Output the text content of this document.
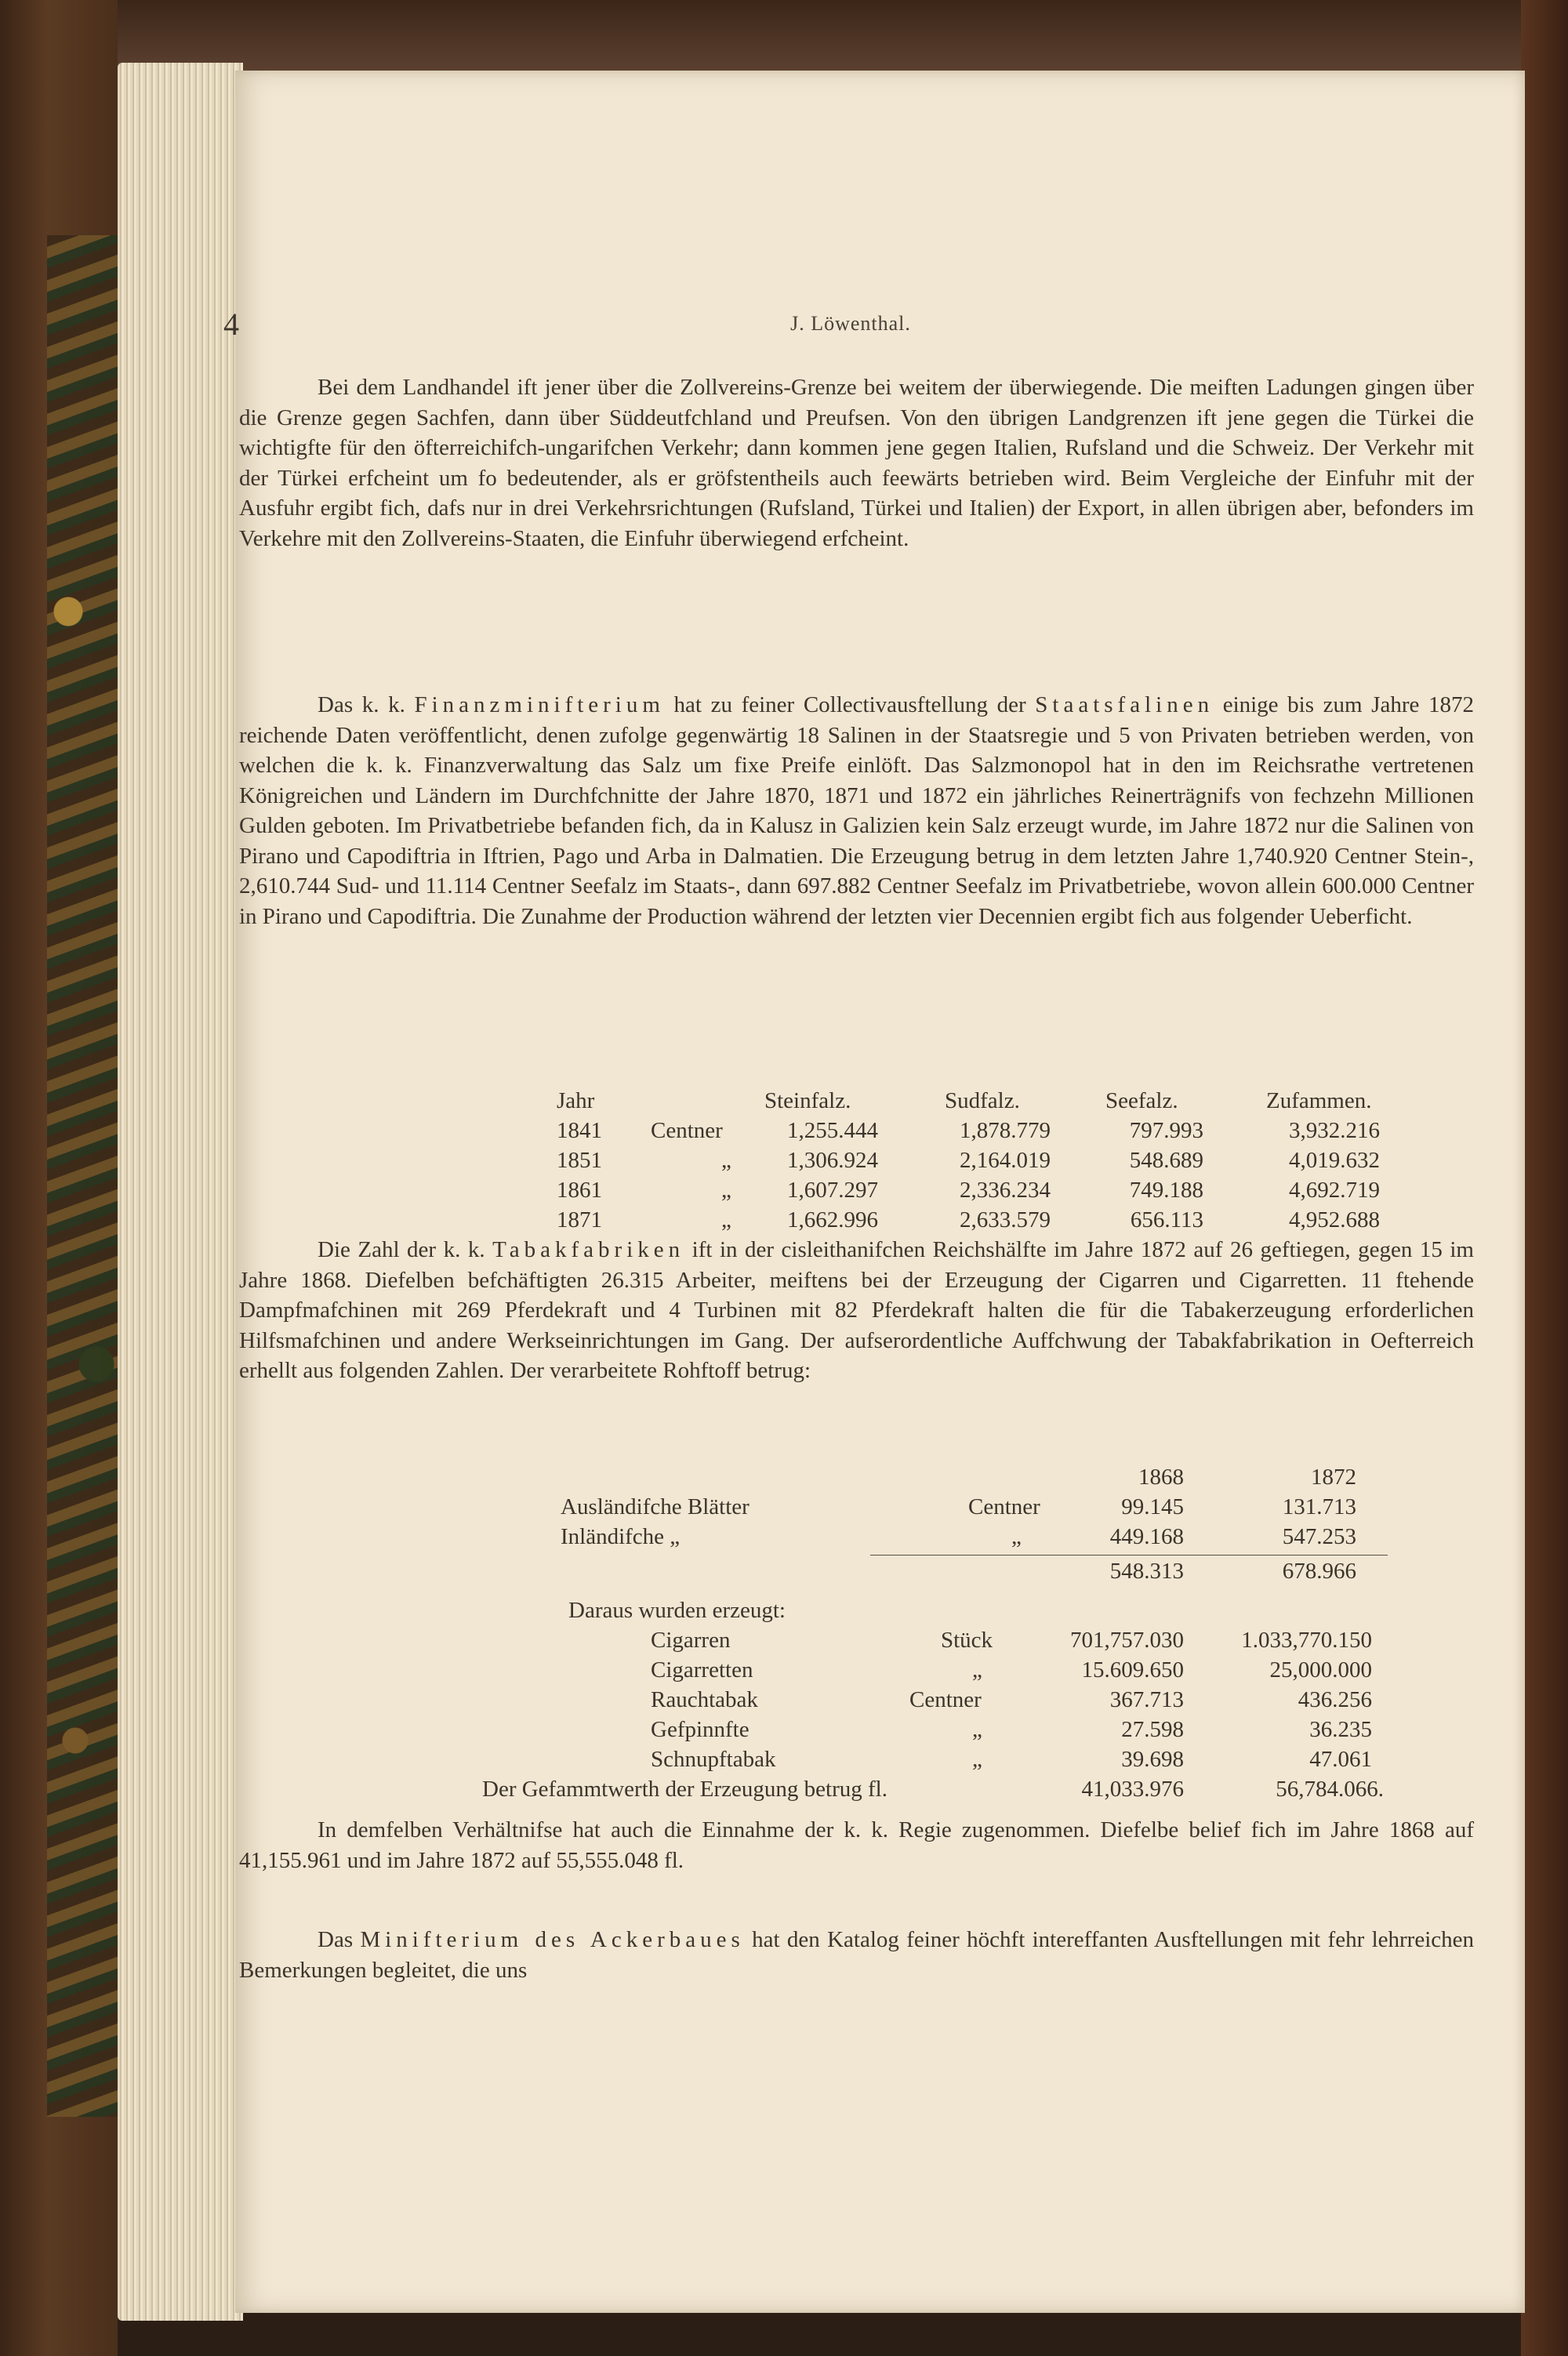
4	J. Löwenthal.

Bei dem Landhandel ift jener über die Zollvereins-Grenze bei weitem der überwiegende. Die meiften Ladungen gingen über die Grenze gegen Sachfen, dann über Süddeutfchland und Preufsen. Von den übrigen Landgrenzen ift jene gegen die Türkei die wichtigfte für den öfterreichifch-ungarifchen Verkehr; dann kommen jene gegen Italien, Rufsland und die Schweiz. Der Verkehr mit der Türkei erfcheint um fo bedeutender, als er gröfstentheils auch feewärts betrieben wird. Beim Vergleiche der Einfuhr mit der Ausfuhr ergibt fich, dafs nur in drei Verkehrsrichtungen (Rufsland, Türkei und Italien) der Export, in allen übrigen aber, befonders im Verkehre mit den Zollvereins-Staaten, die Einfuhr überwiegend erfcheint.

Das k. k. Finanzminifterium hat zu feiner Collectivausftellung der Staatsfalinen einige bis zum Jahre 1872 reichende Daten veröffentlicht, denen zufolge gegenwärtig 18 Salinen in der Staatsregie und 5 von Privaten betrieben werden, von welchen die k. k. Finanzverwaltung das Salz um fixe Preife einlöft. Das Salzmonopol hat in den im Reichsrathe vertretenen Königreichen und Ländern im Durchfchnitte der Jahre 1870, 1871 und 1872 ein jährliches Reinerträgnifs von fechzehn Millionen Gulden geboten. Im Privatbetriebe befanden fich, da in Kalusz in Galizien kein Salz erzeugt wurde, im Jahre 1872 nur die Salinen von Pirano und Capodiftria in Iftrien, Pago und Arba in Dalmatien. Die Erzeugung betrug in dem letzten Jahre 1,740.920 Centner Stein-, 2,610.744 Sud- und 11.114 Centner Seefalz im Staats-, dann 697.882 Centner Seefalz im Privatbetriebe, wovon allein 600.000 Centner in Pirano und Capodiftria. Die Zunahme der Production während der letzten vier Decennien ergibt fich aus folgender Ueberficht.

Jahr	Steinfalz.	Sudfalz.	Seefalz.	Zufammen.
1841 Centner	1,255.444	1,878.779	797.993	3,932.216
1851	„	1,306.924	2,164.019	548.689	4,019.632
1861	„	1,607.297	2,336.234	749.188	4,692.719
1871	„	1,662.996	2,633.579	656.113	4,952.688

Die Zahl der k. k. Tabakfabriken ift in der cisleithanifchen Reichshälfte im Jahre 1872 auf 26 geftiegen, gegen 15 im Jahre 1868. Diefelben befchäftigten 26.315 Arbeiter, meiftens bei der Erzeugung der Cigarren und Cigarretten. 11 ftehende Dampfmafchinen mit 269 Pferdekraft und 4 Turbinen mit 82 Pferdekraft halten die für die Tabakerzeugung erforderlichen Hilfsmafchinen und andere Werkseinrichtungen im Gang. Der aufserordentliche Auffchwung der Tabakfabrikation in Oefterreich erhellt aus folgenden Zahlen. Der verarbeitete Rohftoff betrug:

1868	1872
Ausländifche Blätter	Centner	99.145	131.713
Inländifche „	„	449.168	547.253
548.313	678.966
Daraus wurden erzeugt:
Cigarren	Stück	701,757.030	1.033,770.150
Cigarretten	„	15.609.650	25,000.000
Rauchtabak	Centner	367.713	436.256
Gefpinnfte	„	27.598	36.235
Schnupftabak	„	39.698	47.061
Der Gefammtwerth der Erzeugung betrug fl.	41,033.976	56,784.066.

In demfelben Verhältnifse hat auch die Einnahme der k. k. Regie zugenommen. Diefelbe belief fich im Jahre 1868 auf 41,155.961 und im Jahre 1872 auf 55,555.048 fl.

Das Minifterium des Ackerbaues hat den Katalog feiner höchft intereffanten Ausftellungen mit fehr lehrreichen Bemerkungen begleitet, die uns
